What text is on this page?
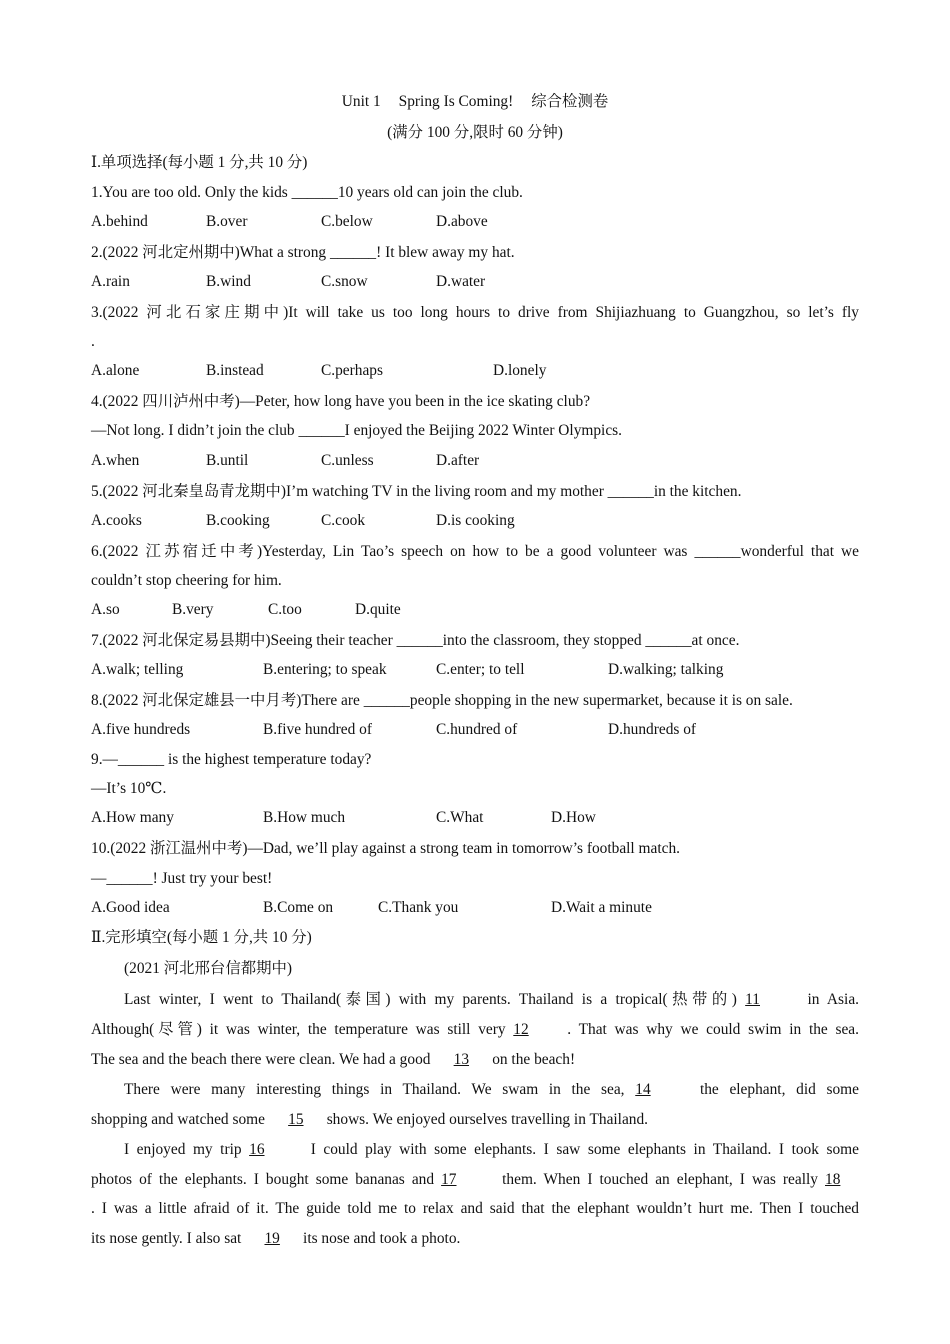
Unit 1 Spring Is Coming! 综合检测卷
(满分 100 分,限时 60 分钟)
Ⅰ.单项选择(每小题 1 分,共 10 分)
1.You are too old. Only the kids ______10 years old can join the club.
A.behind	B.over	C.below	D.above
2.(2022 河北定州期中)What a strong ______! It blew away my hat.
A.rain	B.wind	C.snow	D.water
3.(2022 河北石家庄期中)It will take us too long hours to drive from Shijiazhuang to Guangzhou, so let’s fly
.
A.alone	B.instead	C.perhaps	D.lonely
4.(2022 四川泸州中考)—Peter, how long have you been in the ice skating club?
—Not long. I didn’t join the club ______I enjoyed the Beijing 2022 Winter Olympics.
A.when	B.until	C.unless	D.after
5.(2022 河北秦皇岛青龙期中)I’m watching TV in the living room and my mother ______in the kitchen.
A.cooks	B.cooking	C.cook	D.is cooking
6.(2022 江苏宿迁中考)Yesterday, Lin Tao’s speech on how to be a good volunteer was ______wonderful that we
couldn’t stop cheering for him.
A.so	B.very	C.too	D.quite
7.(2022 河北保定易县期中)Seeing their teacher ______into the classroom, they stopped ______at once.
A.walk; telling	B.entering; to speak	C.enter; to tell	D.walking; talking
8.(2022 河北保定雄县一中月考)There are ______people shopping in the new supermarket, because it is on sale.
A.five hundreds	B.five hundred of	C.hundred of	D.hundreds of
9.—______ is the highest temperature today?
—It’s 10℃.
A.How many	B.How much	C.What	D.How
10.(2022 浙江温州中考)—Dad, we’ll play against a strong team in tomorrow’s football match.
—______! Just try your best!
A.Good idea	B.Come on	C.Thank you	D.Wait a minute
Ⅱ.完形填空(每小题 1 分,共 10 分)
(2021 河北邢台信都期中)
Last winter, I went to Thailand(泰国) with my parents. Thailand is a tropical(热带的) 11	in Asia.
Although(尽管) it was winter, the temperature was still very 12	. That was why we could swim in the sea.
The sea and the beach there were clean. We had a good 13 on the beach!
There were many interesting things in Thailand. We swam in the sea, 14	the elephant, did some
shopping and watched some 15 shows. We enjoyed ourselves travelling in Thailand.
I enjoyed my trip 16	I could play with some elephants. I saw some elephants in Thailand. I took some
photos of the elephants. I bought some bananas and 17	them. When I touched an elephant, I was really 18
. I was a little afraid of it. The guide told me to relax and said that the elephant wouldn’t hurt me. Then I touched
its nose gently. I also sat 19 its nose and took a photo.
